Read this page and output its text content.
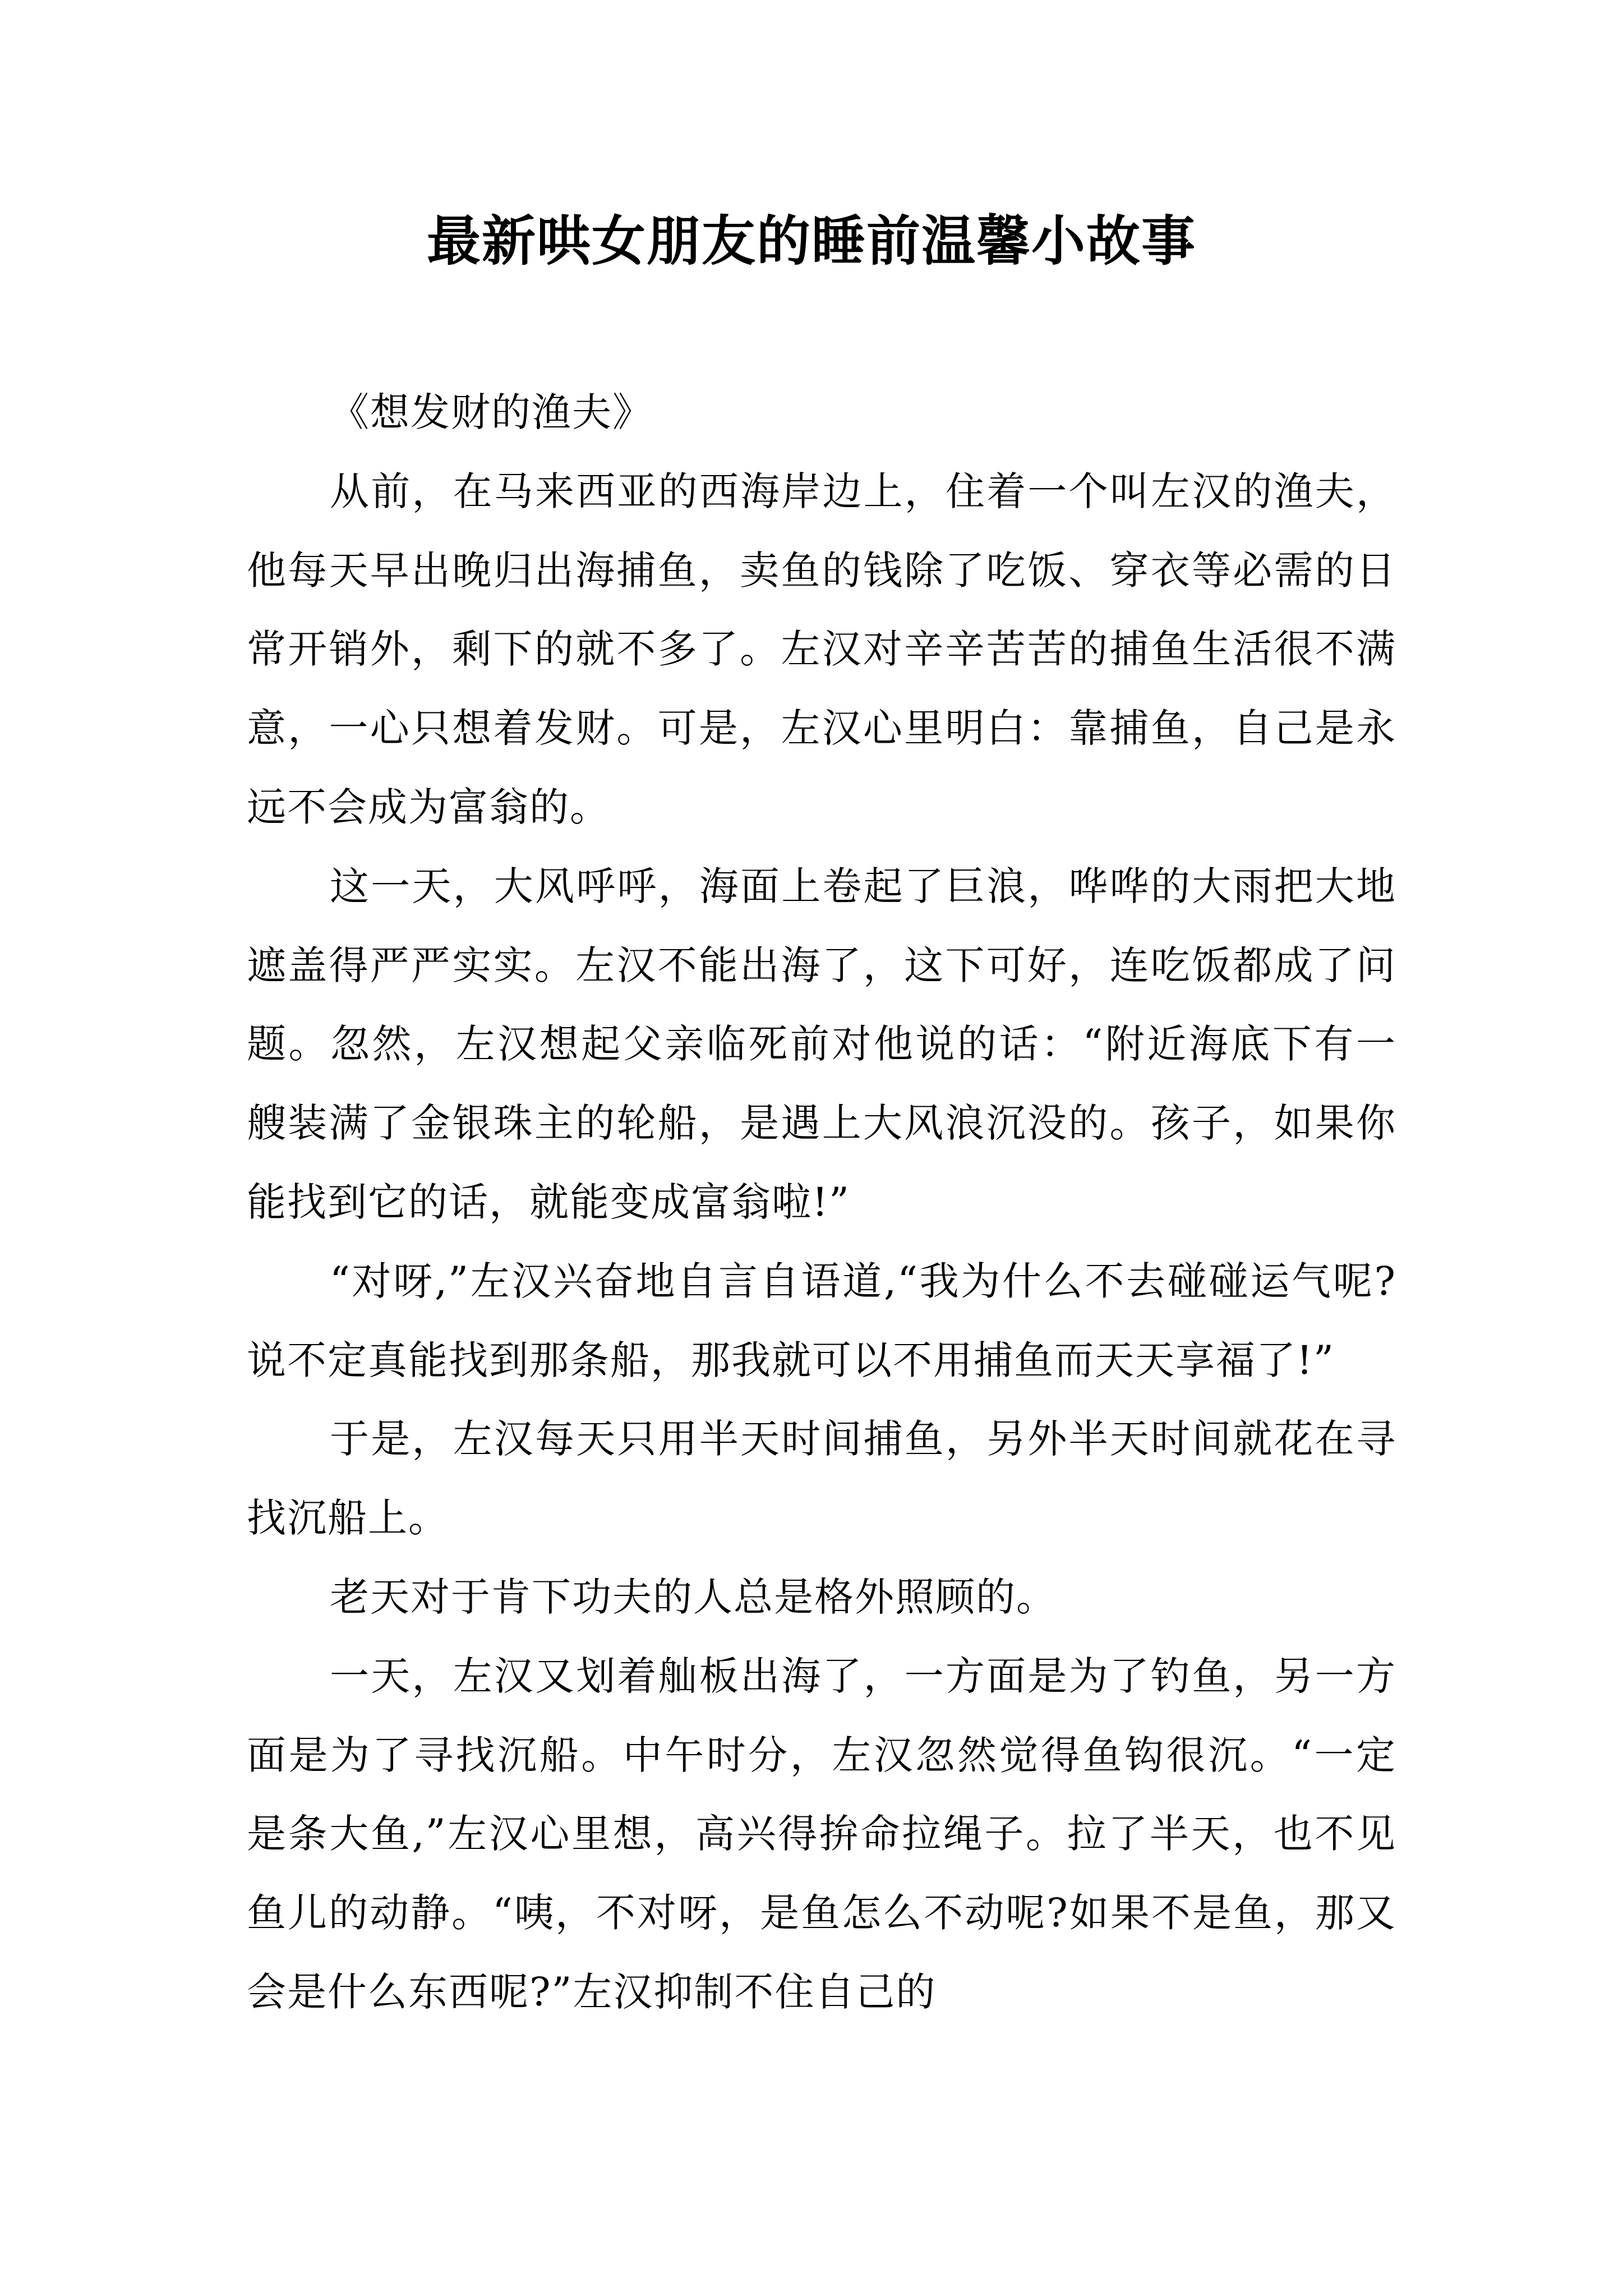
最新哄女朋友的睡前温馨小故事

《想发财的渔夫》

从前，在马来西亚的西海岸边上，住着一个叫左汉的渔夫，他每天早出晚归出海捕鱼，卖鱼的钱除了吃饭、穿衣等必需的日常开销外，剩下的就不多了。左汉对辛辛苦苦的捕鱼生活很不满意，一心只想着发财。可是，左汉心里明白：靠捕鱼，自己是永远不会成为富翁的。

这一天，大风呼呼，海面上卷起了巨浪，哗哗的大雨把大地遮盖得严严实实。左汉不能出海了，这下可好，连吃饭都成了问题。忽然，左汉想起父亲临死前对他说的话：“附近海底下有一艘装满了金银珠主的轮船，是遇上大风浪沉没的。孩子，如果你能找到它的话，就能变成富翁啦!”

“对呀,”左汉兴奋地自言自语道,“我为什么不去碰碰运气呢?说不定真能找到那条船，那我就可以不用捕鱼而天天享福了!”

于是，左汉每天只用半天时间捕鱼，另外半天时间就花在寻找沉船上。

老天对于肯下功夫的人总是格外照顾的。

一天，左汉又划着舢板出海了，一方面是为了钓鱼，另一方面是为了寻找沉船。中午时分，左汉忽然觉得鱼钩很沉。“一定是条大鱼,”左汉心里想，高兴得拚命拉绳子。拉了半天，也不见鱼儿的动静。“咦，不对呀，是鱼怎么不动呢?如果不是鱼，那又会是什么东西呢?”左汉抑制不住自己的
